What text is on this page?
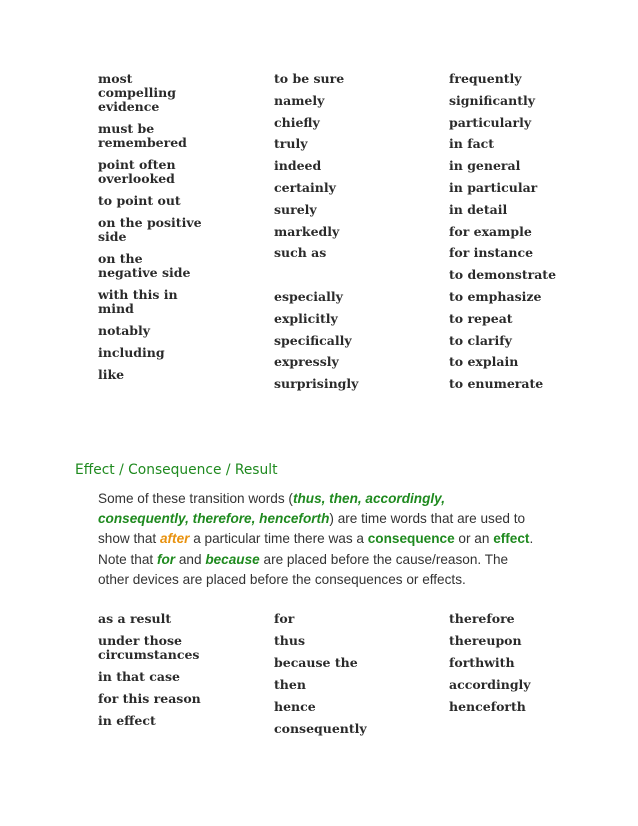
most compelling evidence
must be remembered
point often overlooked
to point out
on the positive side
on the negative side
with this in mind
notably
including
like
to be sure
namely
chiefly
truly
indeed
certainly
surely
markedly
such as
especially
explicitly
specifically
expressly
surprisingly
frequently
significantly
particularly
in fact
in general
in particular
in detail
for example
for instance
to demonstrate
to emphasize
to repeat
to clarify
to explain
to enumerate
Effect / Consequence / Result

Some of these transition words (thus, then, accordingly, consequently, therefore, henceforth) are time words that are used to show that after a particular time there was a consequence or an effect.

Note that for and because are placed before the cause/reason. The other devices are placed before the consequences or effects.

as a result
under those circumstances
in that case
for this reason
in effect
for
thus
because the
then
hence
consequently
therefore
thereupon
forthwith
accordingly
henceforth
